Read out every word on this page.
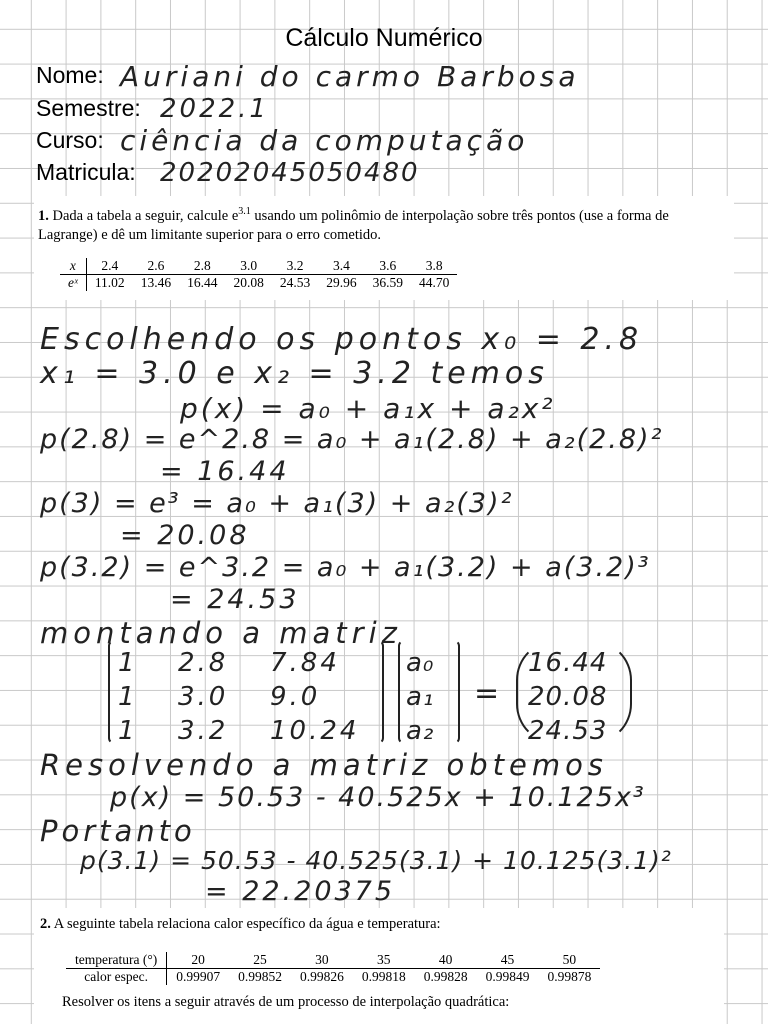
Cálculo Numérico
Nome: Auriani do carmo Barbosa
Semestre: 2022.1
Curso: ciência da computação
Matricula: 20202045050480
1. Dada a tabela a seguir, calcule $e^{3.1}$ usando um polinômio de interpolação sobre três pontos (use a forma de Lagrange) e dê um limitante superior para o erro cometido.
x	2.4	2.6	2.8	3.0	3.2	3.4	3.6	3.8
eˣ	11.02	13.46	16.44	20.08	24.53	29.96	36.59	44.70
Escolhendo os pontos x₀ = 2.8
x₁ = 3.0 e x₂ = 3.2 temos
p(x) = a₀ + a₁x + a₂x²
p(2.8) = e^2.8 = a₀ + a₁(2.8) + a₂(2.8)²
= 16.44
p(3) = e³ = a₀ + a₁(3) + a₂(3)²
= 20.08
p(3.2) = e^3.2 = a₀ + a₁(3.2) + a(3.2)³
= 24.53
montando a matriz
1 2.8 7.84
1 3.0 9.0
1 3.2 10.24
a₀
a₁
a₂
=
16.44
20.08
24.53
Resolvendo a matriz obtemos
p(x) = 50.53 - 40.525x + 10.125x³
Portanto
p(3.1) = 50.53 - 40.525(3.1) + 10.125(3.1)²
= 22.20375
2. A seguinte tabela relaciona calor específico da água e temperatura:
temperatura (°)	20	25	30	35	40	45	50
calor espec.	0.99907	0.99852	0.99826	0.99818	0.99828	0.99849	0.99878
Resolver os itens a seguir através de um processo de interpolação quadrática:
